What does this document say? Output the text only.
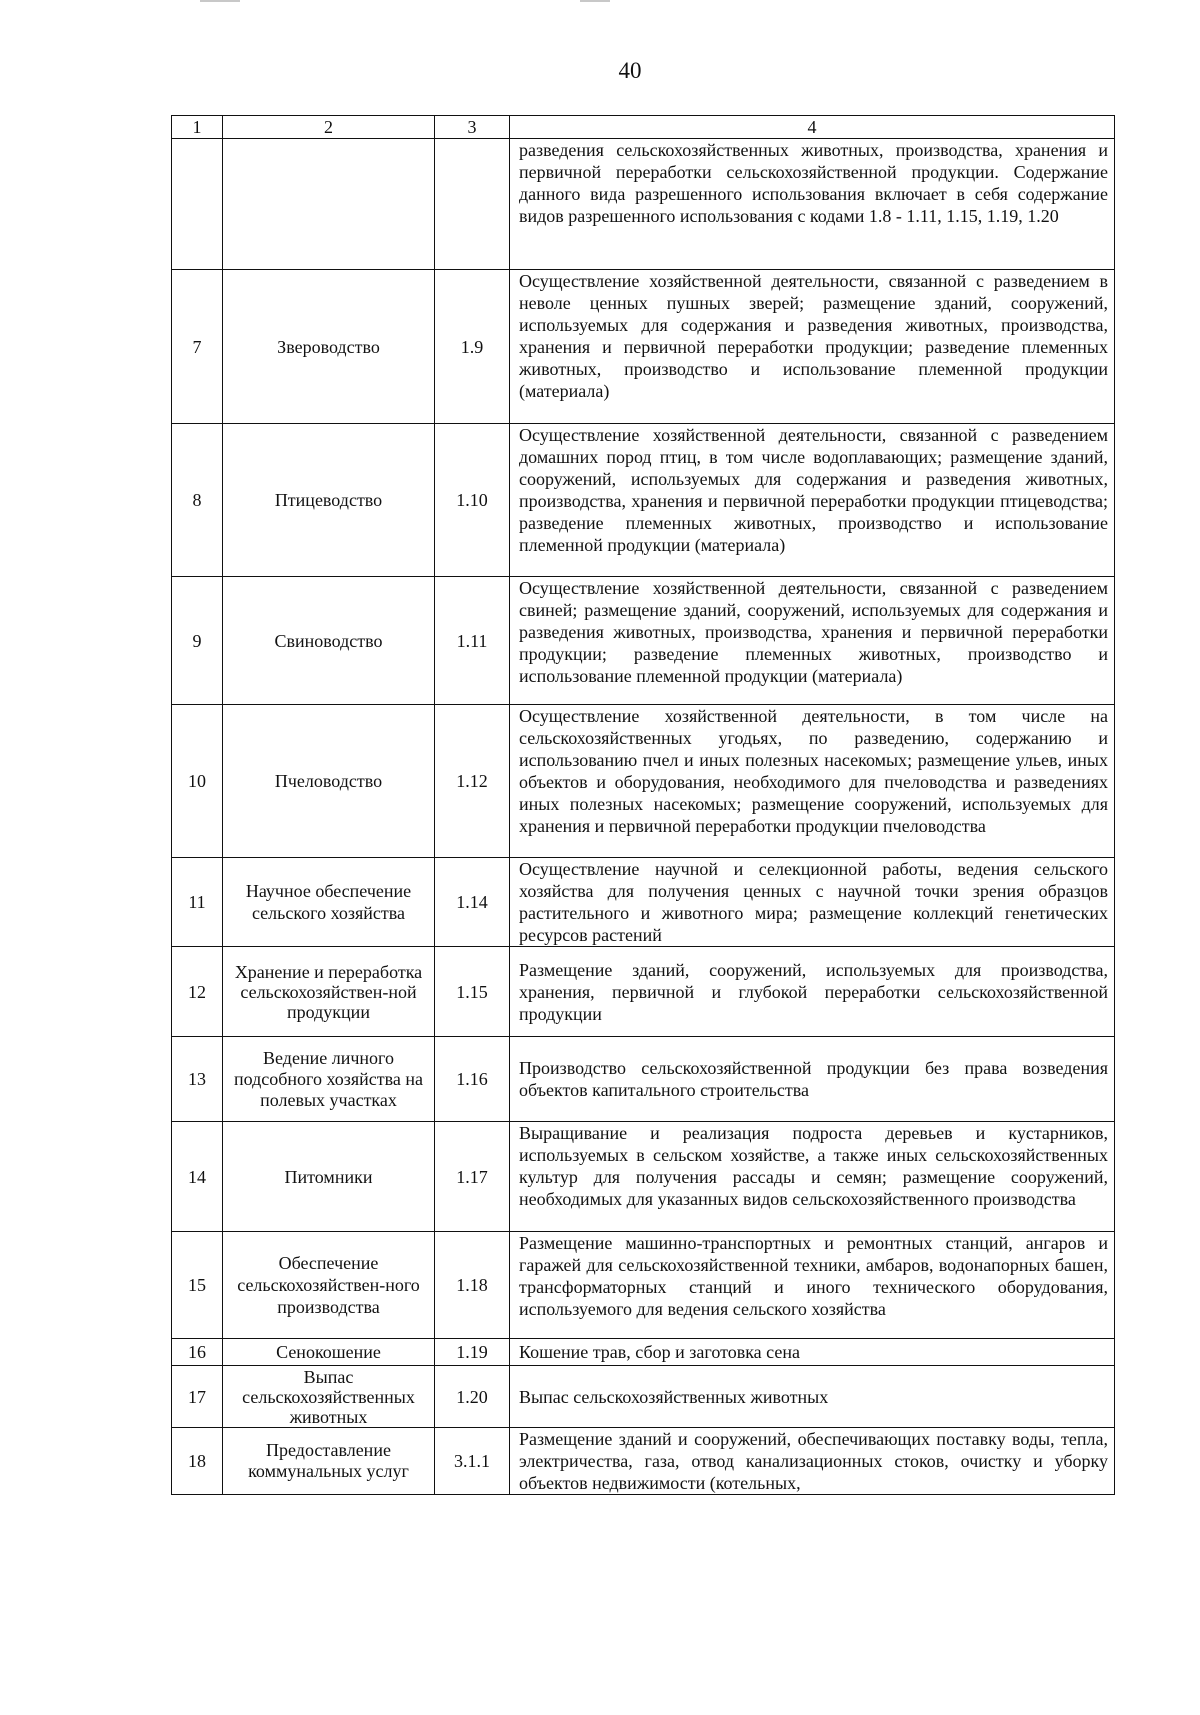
40
1	2	3	4
			разведения сельскохозяйственных животных, производства, хранения и первичной переработки сельскохозяйственной продукции. Содержание данного вида разрешенного использования включает в себя содержание видов разрешенного использования с кодами 1.8 - 1.11, 1.15, 1.19, 1.20
7	Звероводство	1.9	Осуществление хозяйственной деятельности, связанной с разведением в неволе ценных пушных зверей; размещение зданий, сооружений, используемых для содержания и разведения животных, производства, хранения и первичной переработки продукции; разведение племенных животных, производство и использование племенной продукции (материала)
8	Птицеводство	1.10	Осуществление хозяйственной деятельности, связанной с разведением домашних пород птиц, в том числе водоплавающих; размещение зданий, сооружений, используемых для содержания и разведения животных, производства, хранения и первичной переработки продукции птицеводства; разведение племенных животных, производство и использование племенной продукции (материала)
9	Свиноводство	1.11	Осуществление хозяйственной деятельности, связанной с разведением свиней; размещение зданий, сооружений, используемых для содержания и разведения животных, производства, хранения и первичной переработки продукции; разведение племенных животных, производство и использование племенной продукции (материала)
10	Пчеловодство	1.12	Осуществление хозяйственной деятельности, в том числе на сельскохозяйственных угодьях, по разведению, содержанию и использованию пчел и иных полезных насекомых; размещение ульев, иных объектов и оборудования, необходимого для пчеловодства и разведениях иных полезных насекомых; размещение сооружений, используемых для хранения и первичной переработки продукции пчеловодства
11	Научное обеспечение сельского хозяйства	1.14	Осуществление научной и селекционной работы, ведения сельского хозяйства для получения ценных с научной точки зрения образцов растительного и животного мира; размещение коллекций генетических ресурсов растений
12	Хранение и переработка сельскохозяйствен-ной продукции	1.15	Размещение зданий, сооружений, используемых для производства, хранения, первичной и глубокой переработки сельскохозяйственной продукции
13	Ведение личного подсобного хозяйства на полевых участках	1.16	Производство сельскохозяйственной продукции без права возведения объектов капитального строительства
14	Питомники	1.17	Выращивание и реализация подроста деревьев и кустарников, используемых в сельском хозяйстве, а также иных сельскохозяйственных культур для получения рассады и семян; размещение сооружений, необходимых для указанных видов сельскохозяйственного производства
15	Обеспечение сельскохозяйствен-ного производства	1.18	Размещение машинно-транспортных и ремонтных станций, ангаров и гаражей для сельскохозяйственной техники, амбаров, водонапорных башен, трансформаторных станций и иного технического оборудования, используемого для ведения сельского хозяйства
16	Сенокошение	1.19	Кошение трав, сбор и заготовка сена
17	Выпас сельскохозяйственных животных	1.20	Выпас сельскохозяйственных животных
18	Предоставление коммунальных услуг	3.1.1	Размещение зданий и сооружений, обеспечивающих поставку воды, тепла, электричества, газа, отвод канализационных стоков, очистку и уборку объектов недвижимости (котельных,
